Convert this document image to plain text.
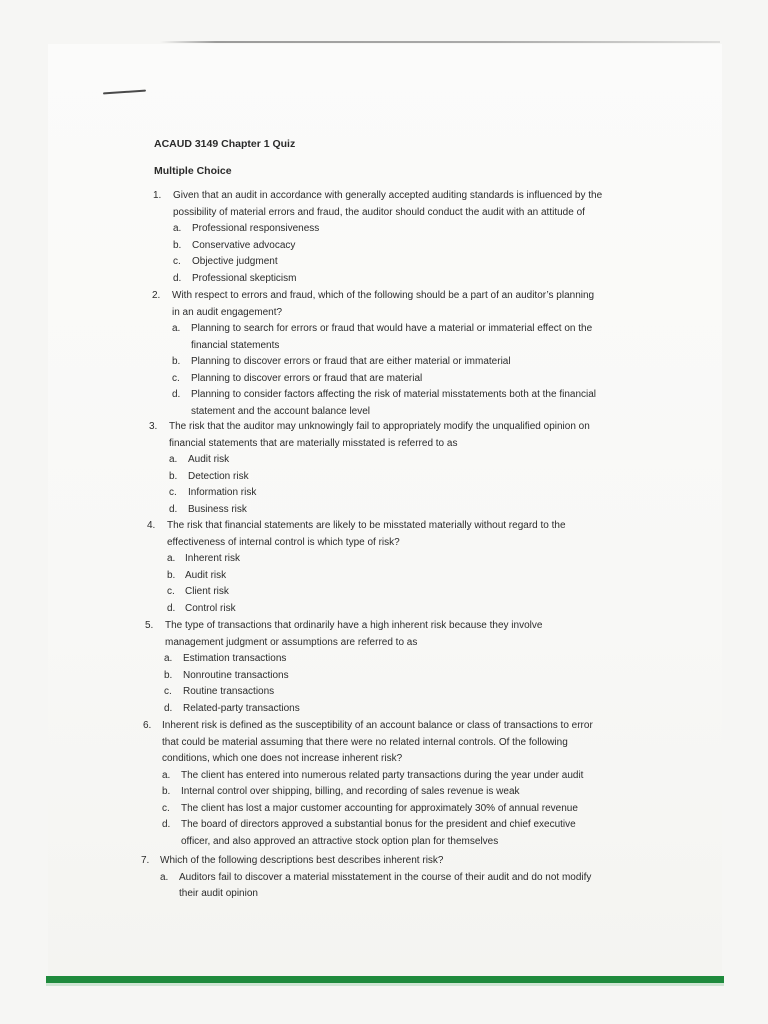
ACAUD 3149 Chapter 1 Quiz
Multiple Choice
1. Given that an audit in accordance with generally accepted auditing standards is influenced by the
possibility of material errors and fraud, the auditor should conduct the audit with an attitude of
a. Professional responsiveness
b. Conservative advocacy
c. Objective judgment
d. Professional skepticism
2. With respect to errors and fraud, which of the following should be a part of an auditor’s planning
in an audit engagement?
a. Planning to search for errors or fraud that would have a material or immaterial effect on the
financial statements
b. Planning to discover errors or fraud that are either material or immaterial
c. Planning to discover errors or fraud that are material
d. Planning to consider factors affecting the risk of material misstatements both at the financial
statement and the account balance level
3. The risk that the auditor may unknowingly fail to appropriately modify the unqualified opinion on
financial statements that are materially misstated is referred to as
a. Audit risk
b. Detection risk
c. Information risk
d. Business risk
4. The risk that financial statements are likely to be misstated materially without regard to the
effectiveness of internal control is which type of risk?
a. Inherent risk
b. Audit risk
c. Client risk
d. Control risk
5. The type of transactions that ordinarily have a high inherent risk because they involve
management judgment or assumptions are referred to as
a. Estimation transactions
b. Nonroutine transactions
c. Routine transactions
d. Related-party transactions
6. Inherent risk is defined as the susceptibility of an account balance or class of transactions to error
that could be material assuming that there were no related internal controls. Of the following
conditions, which one does not increase inherent risk?
a. The client has entered into numerous related party transactions during the year under audit
b. Internal control over shipping, billing, and recording of sales revenue is weak
c. The client has lost a major customer accounting for approximately 30% of annual revenue
d. The board of directors approved a substantial bonus for the president and chief executive
officer, and also approved an attractive stock option plan for themselves
7. Which of the following descriptions best describes inherent risk?
a. Auditors fail to discover a material misstatement in the course of their audit and do not modify
their audit opinion
